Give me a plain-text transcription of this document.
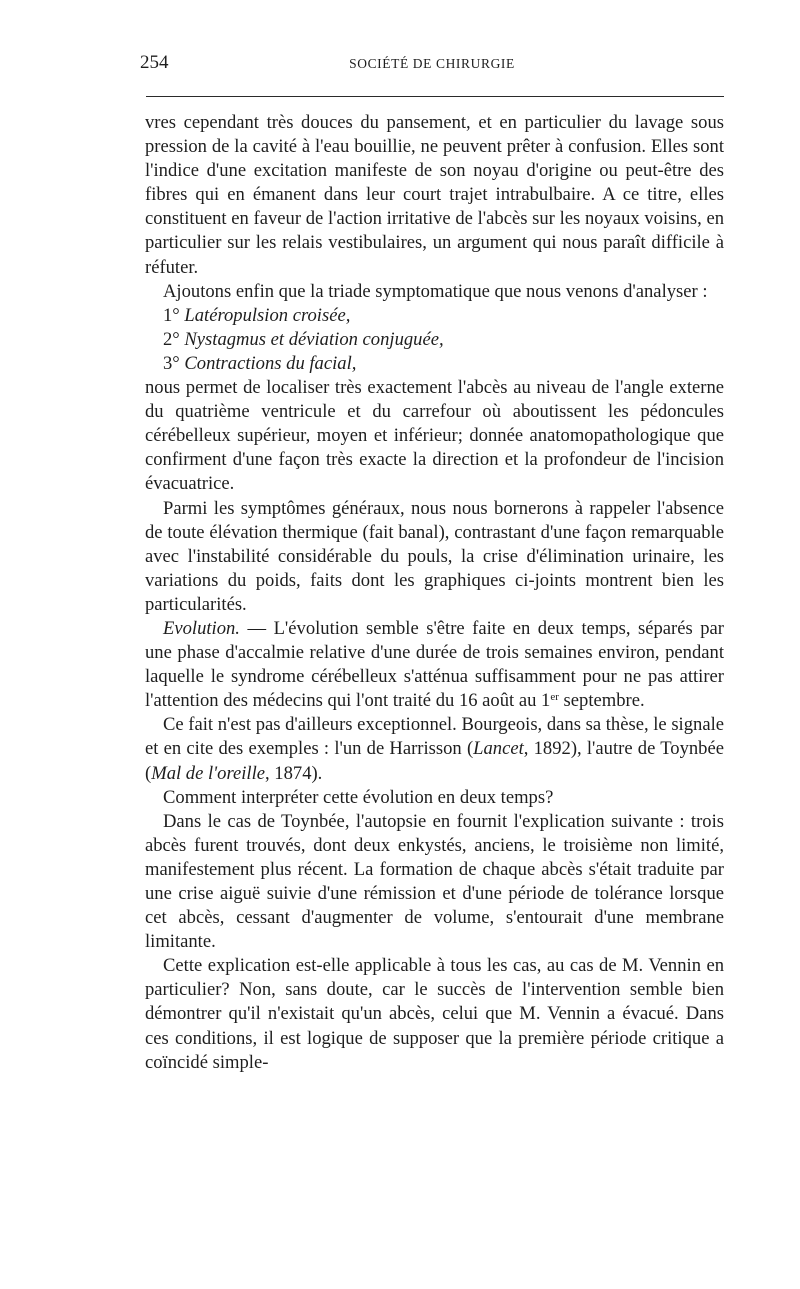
254	SOCIÉTÉ DE CHIRURGIE

vres cependant très douces du pansement, et en particulier du lavage sous pression de la cavité à l'eau bouillie, ne peuvent prêter à confusion. Elles sont l'indice d'une excitation manifeste de son noyau d'origine ou peut-être des fibres qui en émanent dans leur court trajet intrabulbaire. A ce titre, elles constituent en faveur de l'action irritative de l'abcès sur les noyaux voisins, en particulier sur les relais vestibulaires, un argument qui nous paraît difficile à réfuter.

Ajoutons enfin que la triade symptomatique que nous venons d'analyser :

1° Latéropulsion croisée,
2° Nystagmus et déviation conjuguée,
3° Contractions du facial,

nous permet de localiser très exactement l'abcès au niveau de l'angle externe du quatrième ventricule et du carrefour où aboutissent les pédoncules cérébelleux supérieur, moyen et inférieur; donnée anatomopathologique que confirment d'une façon très exacte la direction et la profondeur de l'incision évacuatrice.

Parmi les symptômes généraux, nous nous bornerons à rappeler l'absence de toute élévation thermique (fait banal), contrastant d'une façon remarquable avec l'instabilité considérable du pouls, la crise d'élimination urinaire, les variations du poids, faits dont les graphiques ci-joints montrent bien les particularités.

Evolution. — L'évolution semble s'être faite en deux temps, séparés par une phase d'accalmie relative d'une durée de trois semaines environ, pendant laquelle le syndrome cérébelleux s'atténua suffisamment pour ne pas attirer l'attention des médecins qui l'ont traité du 16 août au 1er septembre.

Ce fait n'est pas d'ailleurs exceptionnel. Bourgeois, dans sa thèse, le signale et en cite des exemples : l'un de Harrisson (Lancet, 1892), l'autre de Toynbée (Mal de l'oreille, 1874).

Comment interpréter cette évolution en deux temps?

Dans le cas de Toynbée, l'autopsie en fournit l'explication suivante : trois abcès furent trouvés, dont deux enkystés, anciens, le troisième non limité, manifestement plus récent. La formation de chaque abcès s'était traduite par une crise aiguë suivie d'une rémission et d'une période de tolérance lorsque cet abcès, cessant d'augmenter de volume, s'entourait d'une membrane limitante.

Cette explication est-elle applicable à tous les cas, au cas de M. Vennin en particulier? Non, sans doute, car le succès de l'intervention semble bien démontrer qu'il n'existait qu'un abcès, celui que M. Vennin a évacué. Dans ces conditions, il est logique de supposer que la première période critique a coïncidé simple-
